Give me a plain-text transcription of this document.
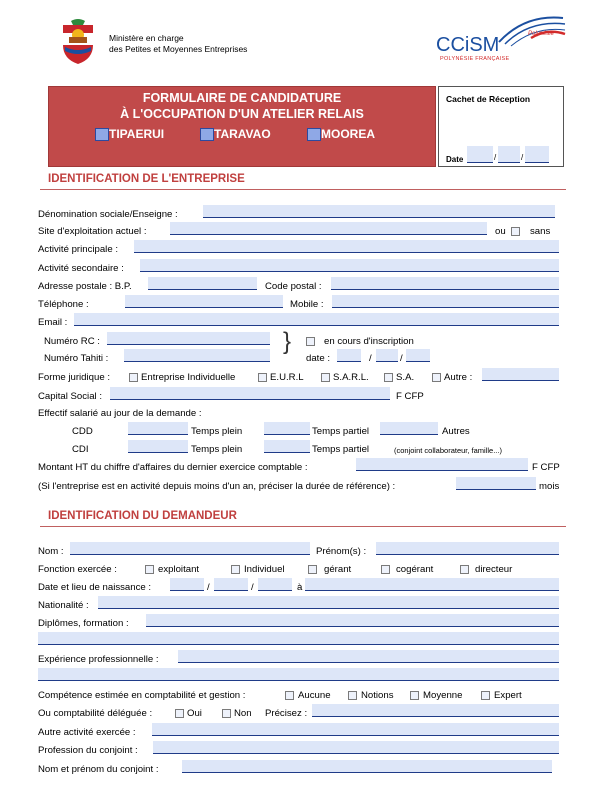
Ministère en charge
des Petites et Moyennes Entreprises
Polynésie
CCiSM
POLYNÉSIE FRANÇAISE
FORMULAIRE DE CANDIDATURE
À L'OCCUPATION D'UN ATELIER RELAIS
TIPAERUI	TARAVAO	MOOREA
Cachet de Réception
Date	/	/
IDENTIFICATION DE L'ENTREPRISE
Dénomination sociale/Enseigne :
Site d'exploitation actuel :	ou	sans
Activité principale :
Activité secondaire :
Adresse postale : B.P.	Code postal :
Téléphone :	Mobile :
Email :
Numéro RC :	}	en cours d'inscription
Numéro Tahiti :	date :	/	/
Forme juridique :	Entreprise Individuelle	E.U.R.L	S.A.R.L.	S.A.	Autre :
Capital Social :	F CFP
Effectif salarié au jour de la demande :
CDD	Temps plein	Temps partiel	Autres
CDI	Temps plein	Temps partiel	(conjoint collaborateur, famille...)
Montant HT du chiffre d'affaires du dernier exercice comptable :	F CFP
(Si l'entreprise est en activité depuis moins d'un an, préciser la durée de référence) :	mois
IDENTIFICATION DU DEMANDEUR
Nom :	Prénom(s) :
Fonction exercée :	exploitant	Individuel	gérant	cogérant	directeur
Date et lieu de naissance :	/	/	à
Nationalité :
Diplômes, formation :
Expérience professionnelle :
Compétence estimée en comptabilité et gestion :	Aucune	Notions	Moyenne	Expert
Ou comptabilité déléguée :	Oui	Non Précisez :
Autre activité exercée :
Profession du conjoint :
Nom et prénom du conjoint :
